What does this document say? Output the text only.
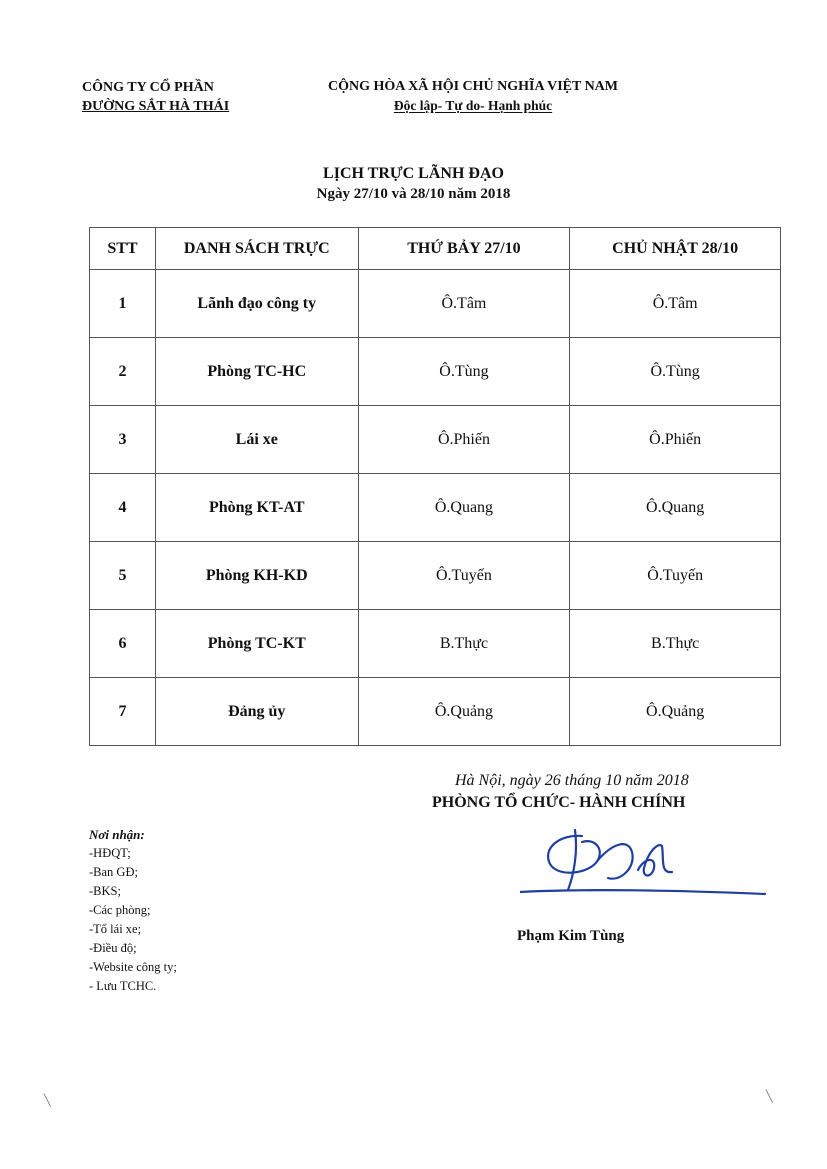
CÔNG TY CỔ PHẦN
ĐƯỜNG SẮT HÀ THÁI
CỘNG HÒA XÃ HỘI CHỦ NGHĨA VIỆT NAM
Độc lập- Tự do- Hạnh phúc
LỊCH TRỰC LÃNH ĐẠO
Ngày 27/10 và 28/10 năm 2018
STT	DANH SÁCH TRỰC	THỨ BẢY 27/10	CHỦ NHẬT 28/10
1	Lãnh đạo công ty	Ô.Tâm	Ô.Tâm
2	Phòng TC-HC	Ô.Tùng	Ô.Tùng
3	Lái xe	Ô.Phiến	Ô.Phiến
4	Phòng KT-AT	Ô.Quang	Ô.Quang
5	Phòng KH-KD	Ô.Tuyến	Ô.Tuyến
6	Phòng TC-KT	B.Thực	B.Thực
7	Đảng ủy	Ô.Quảng	Ô.Quảng
Hà Nội, ngày 26 tháng 10 năm 2018
PHÒNG TỔ CHỨC- HÀNH CHÍNH
Nơi nhận:
-HĐQT;
-Ban GĐ;
-BKS;
-Các phòng;
-Tổ lái xe;
-Điều độ;
-Website công ty;
- Lưu TCHC.
Phạm Kim Tùng
╲	╲
